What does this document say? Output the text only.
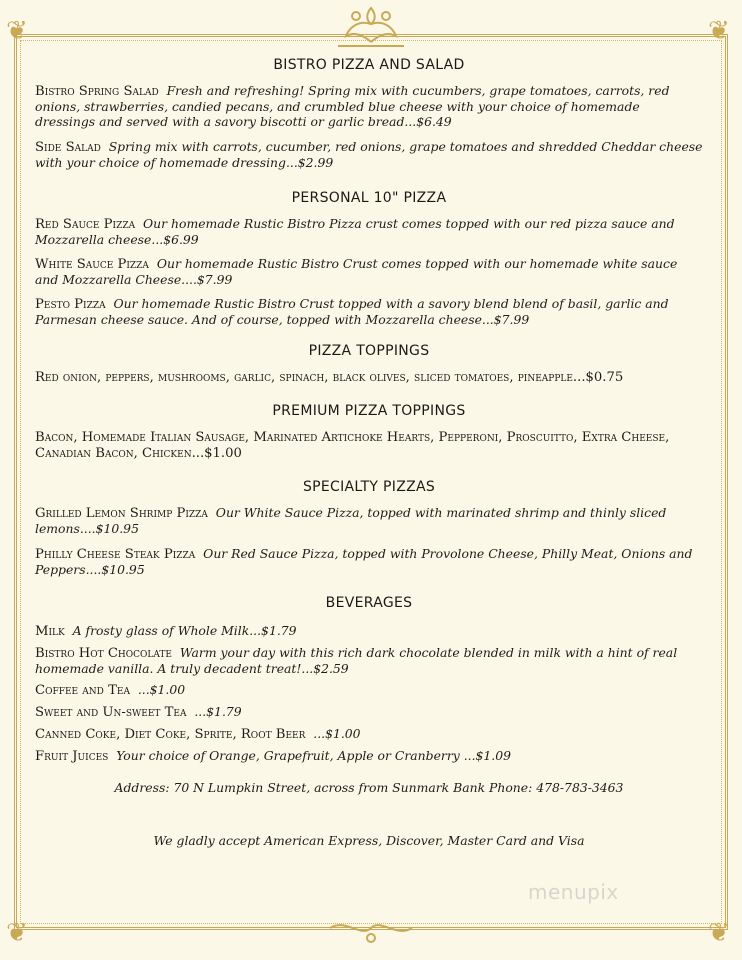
❦	❦
❦	❦
BISTRO PIZZA AND SALAD

Bistro Spring Salad Fresh and refreshing! Spring mix with cucumbers, grape tomatoes, carrots, red onions, strawberries, candied pecans, and crumbled blue cheese with your choice of homemade dressings and served with a savory biscotti or garlic bread...$6.49

Side Salad Spring mix with carrots, cucumber, red onions, grape tomatoes and shredded Cheddar cheese with your choice of homemade dressing...$2.99

PERSONAL 10" PIZZA

Red Sauce Pizza Our homemade Rustic Bistro Pizza crust comes topped with our red pizza sauce and Mozzarella cheese...$6.99

White Sauce Pizza Our homemade Rustic Bistro Crust comes topped with our homemade white sauce and Mozzarella Cheese....$7.99

Pesto Pizza Our homemade Rustic Bistro Crust topped with a savory blend blend of basil, garlic and Parmesan cheese sauce. And of course, topped with Mozzarella cheese...$7.99

PIZZA TOPPINGS

Red onion, peppers, mushrooms, garlic, spinach, black olives, sliced tomatoes, pineapple...$0.75

PREMIUM PIZZA TOPPINGS

Bacon, Homemade Italian Sausage, Marinated Artichoke Hearts, Pepperoni, Proscuitto, Extra Cheese, Canadian Bacon, Chicken...$1.00

SPECIALTY PIZZAS

Grilled Lemon Shrimp Pizza Our White Sauce Pizza, topped with marinated shrimp and thinly sliced lemons....$10.95

Philly Cheese Steak Pizza Our Red Sauce Pizza, topped with Provolone Cheese, Philly Meat, Onions and Peppers....$10.95

BEVERAGES

Milk A frosty glass of Whole Milk...$1.79

Bistro Hot Chocolate Warm your day with this rich dark chocolate blended in milk with a hint of real homemade vanilla. A truly decadent treat!...$2.59

Coffee and Tea ...$1.00

Sweet and Un-sweet Tea ...$1.79

Canned Coke, Diet Coke, Sprite, Root Beer ...$1.00

Fruit Juices Your choice of Orange, Grapefruit, Apple or Cranberry ...$1.09

Address: 70 N Lumpkin Street, across from Sunmark Bank Phone: 478-783-3463

We gladly accept American Express, Discover, Master Card and Visa

menupix
